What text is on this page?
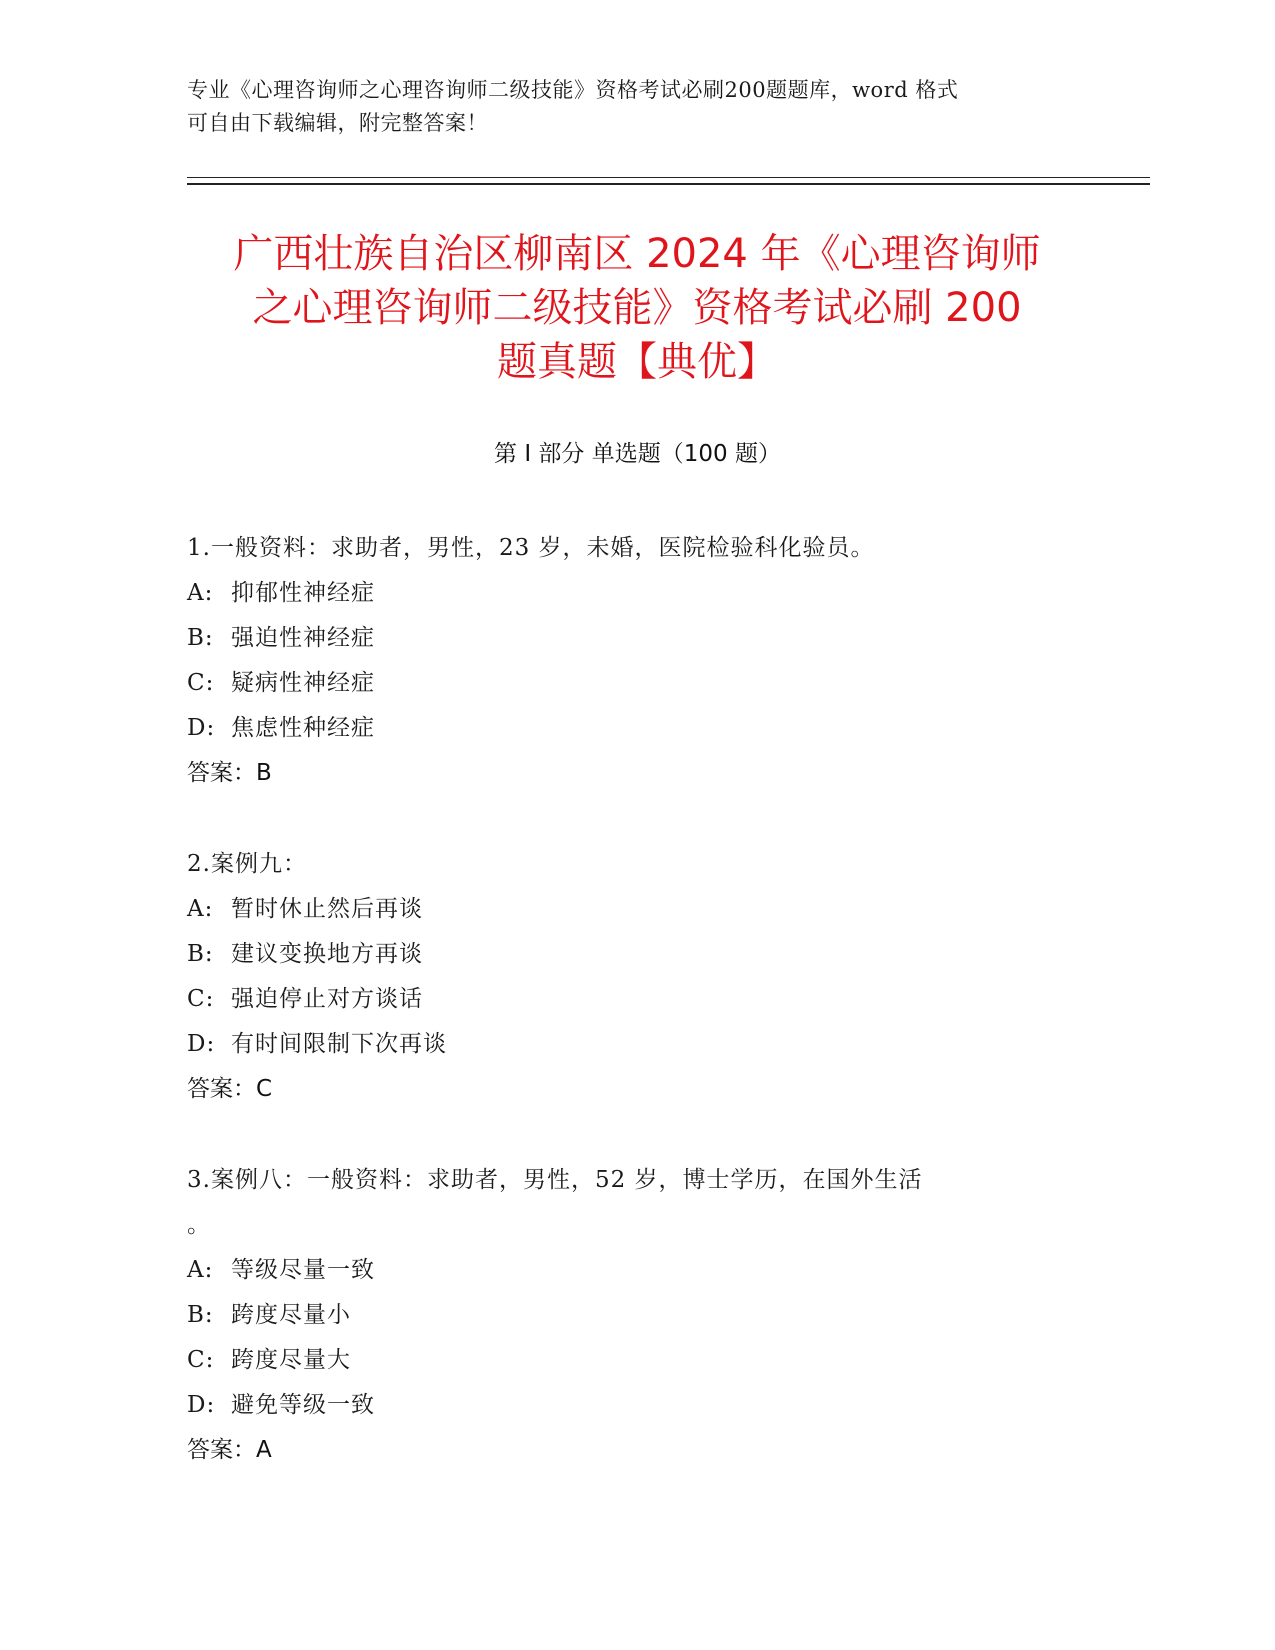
专业《心理咨询师之心理咨询师二级技能》资格考试必刷200题题库，word 格式
可自由下载编辑，附完整答案！
广西壮族自治区柳南区 2024 年《心理咨询师
之心理咨询师二级技能》资格考试必刷 200
题真题【典优】
第 I 部分 单选题（100 题）
1.一般资料：求助者，男性，23 岁，未婚，医院检验科化验员。
A: 抑郁性神经症
B: 强迫性神经症
C: 疑病性神经症
D: 焦虑性种经症
答案：B
2.案例九：
A: 暂时休止然后再谈
B: 建议变换地方再谈
C: 强迫停止对方谈话
D: 有时间限制下次再谈
答案：C
3.案例八：一般资料：求助者，男性，52 岁，博士学历，在国外生活
。
A: 等级尽量一致
B: 跨度尽量小
C: 跨度尽量大
D: 避免等级一致
答案：A
